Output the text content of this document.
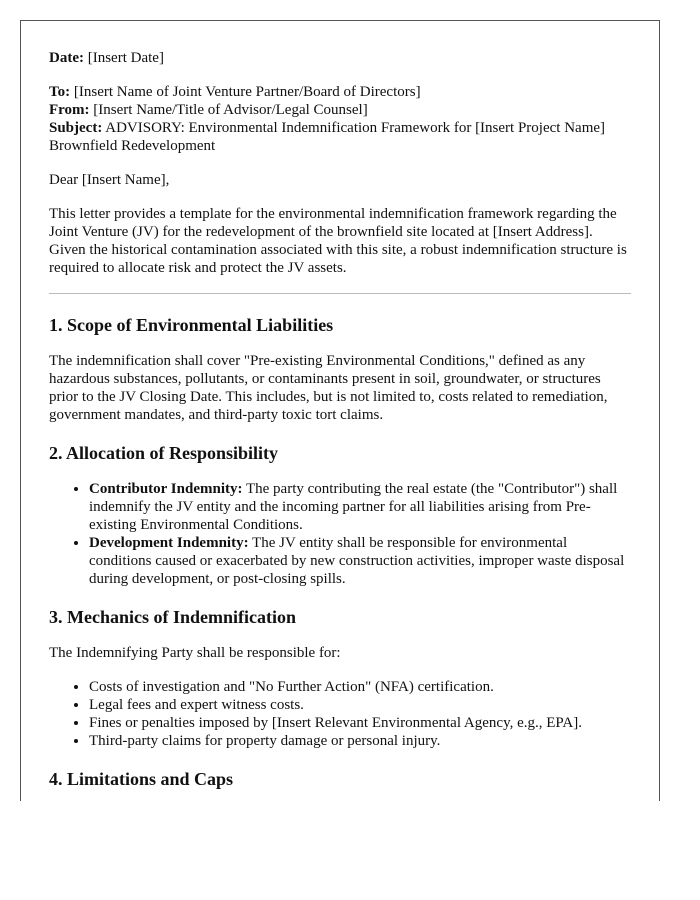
Date: [Insert Date]

To: [Insert Name of Joint Venture Partner/Board of Directors]

From: [Insert Name/Title of Advisor/Legal Counsel]

Subject: ADVISORY: Environmental Indemnification Framework for [Insert Project Name] Brownfield Redevelopment

Dear [Insert Name],

This letter provides a template for the environmental indemnification framework regarding the Joint Venture (JV) for the redevelopment of the brownfield site located at [Insert Address]. Given the historical contamination associated with this site, a robust indemnification structure is required to allocate risk and protect the JV assets.

1. Scope of Environmental Liabilities

The indemnification shall cover "Pre-existing Environmental Conditions," defined as any hazardous substances, pollutants, or contaminants present in soil, groundwater, or structures prior to the JV Closing Date. This includes, but is not limited to, costs related to remediation, government mandates, and third-party toxic tort claims.

2. Allocation of Responsibility
• Contributor Indemnity: The party contributing the real estate (the "Contributor") shall indemnify the JV entity and the incoming partner for all liabilities arising from Pre-existing Environmental Conditions.
• Development Indemnity: The JV entity shall be responsible for environmental conditions caused or exacerbated by new construction activities, improper waste disposal during development, or post-closing spills.
3. Mechanics of Indemnification

The Indemnifying Party shall be responsible for:

• Costs of investigation and "No Further Action" (NFA) certification.
• Legal fees and expert witness costs.
• Fines or penalties imposed by [Insert Relevant Environmental Agency, e.g., EPA].
• Third-party claims for property damage or personal injury.
4. Limitations and Caps
